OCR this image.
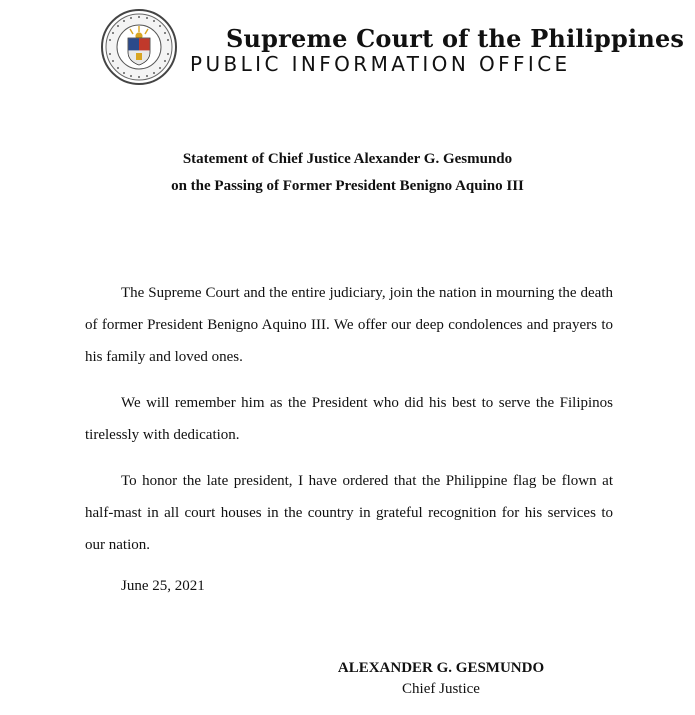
Supreme Court of the Philippines
PUBLIC INFORMATION OFFICE
Statement of Chief Justice Alexander G. Gesmundo
on the Passing of Former President Benigno Aquino III

The Supreme Court and the entire judiciary, join the nation in mourning the death of former President Benigno Aquino III. We offer our deep condolences and prayers to his family and loved ones.

We will remember him as the President who did his best to serve the Filipinos tirelessly with dedication.

To honor the late president, I have ordered that the Philippine flag be flown at half-mast in all court houses in the country in grateful recognition for his services to our nation.

June 25, 2021
ALEXANDER G. GESMUNDO
Chief Justice
